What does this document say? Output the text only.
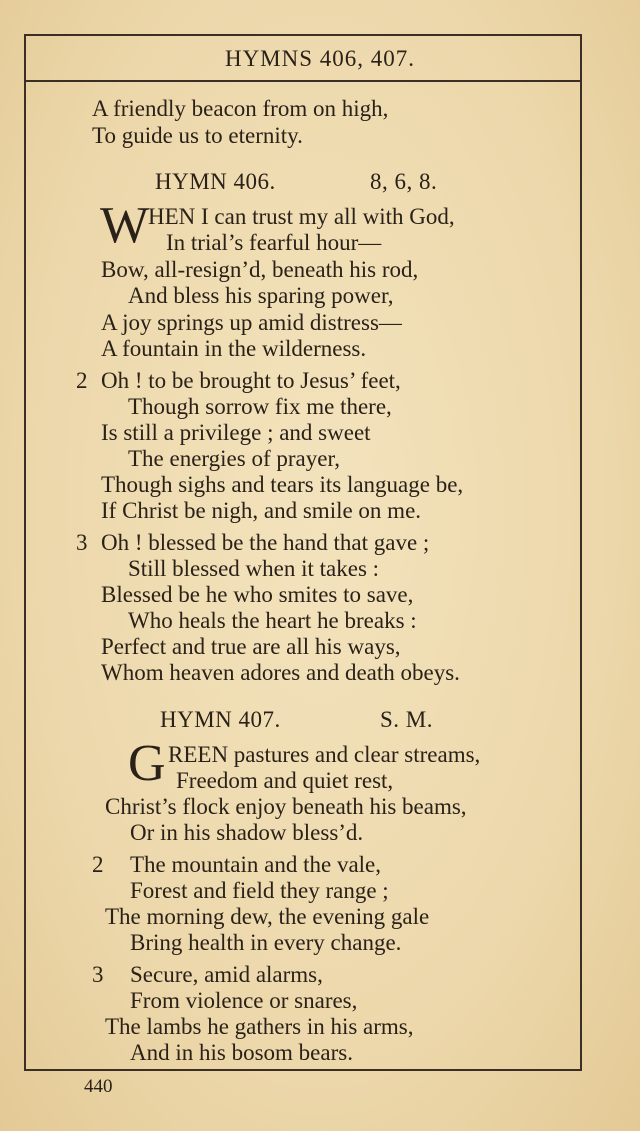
HYMNS 406, 407.
A friendly beacon from on high,
To guide us to eternity.
HYMN 406.	8, 6, 8.
W
HEN I can trust my all with God,
In trial’s fearful hour—
Bow, all-resign’d, beneath his rod,
And bless his sparing power,
A joy springs up amid distress—
A fountain in the wilderness.
2 Oh ! to be brought to Jesus’ feet,
Though sorrow fix me there,
Is still a privilege ; and sweet
The energies of prayer,
Though sighs and tears its language be,
If Christ be nigh, and smile on me.
3 Oh ! blessed be the hand that gave ;
Still blessed when it takes :
Blessed be he who smites to save,
Who heals the heart he breaks :
Perfect and true are all his ways,
Whom heaven adores and death obeys.
HYMN 407.	S. M.
G REEN pastures and clear streams,
Freedom and quiet rest,
Christ’s flock enjoy beneath his beams,
Or in his shadow bless’d.
2 The mountain and the vale,
Forest and field they range ;
The morning dew, the evening gale
Bring health in every change.
3 Secure, amid alarms,
From violence or snares,
The lambs he gathers in his arms,
And in his bosom bears.
440
